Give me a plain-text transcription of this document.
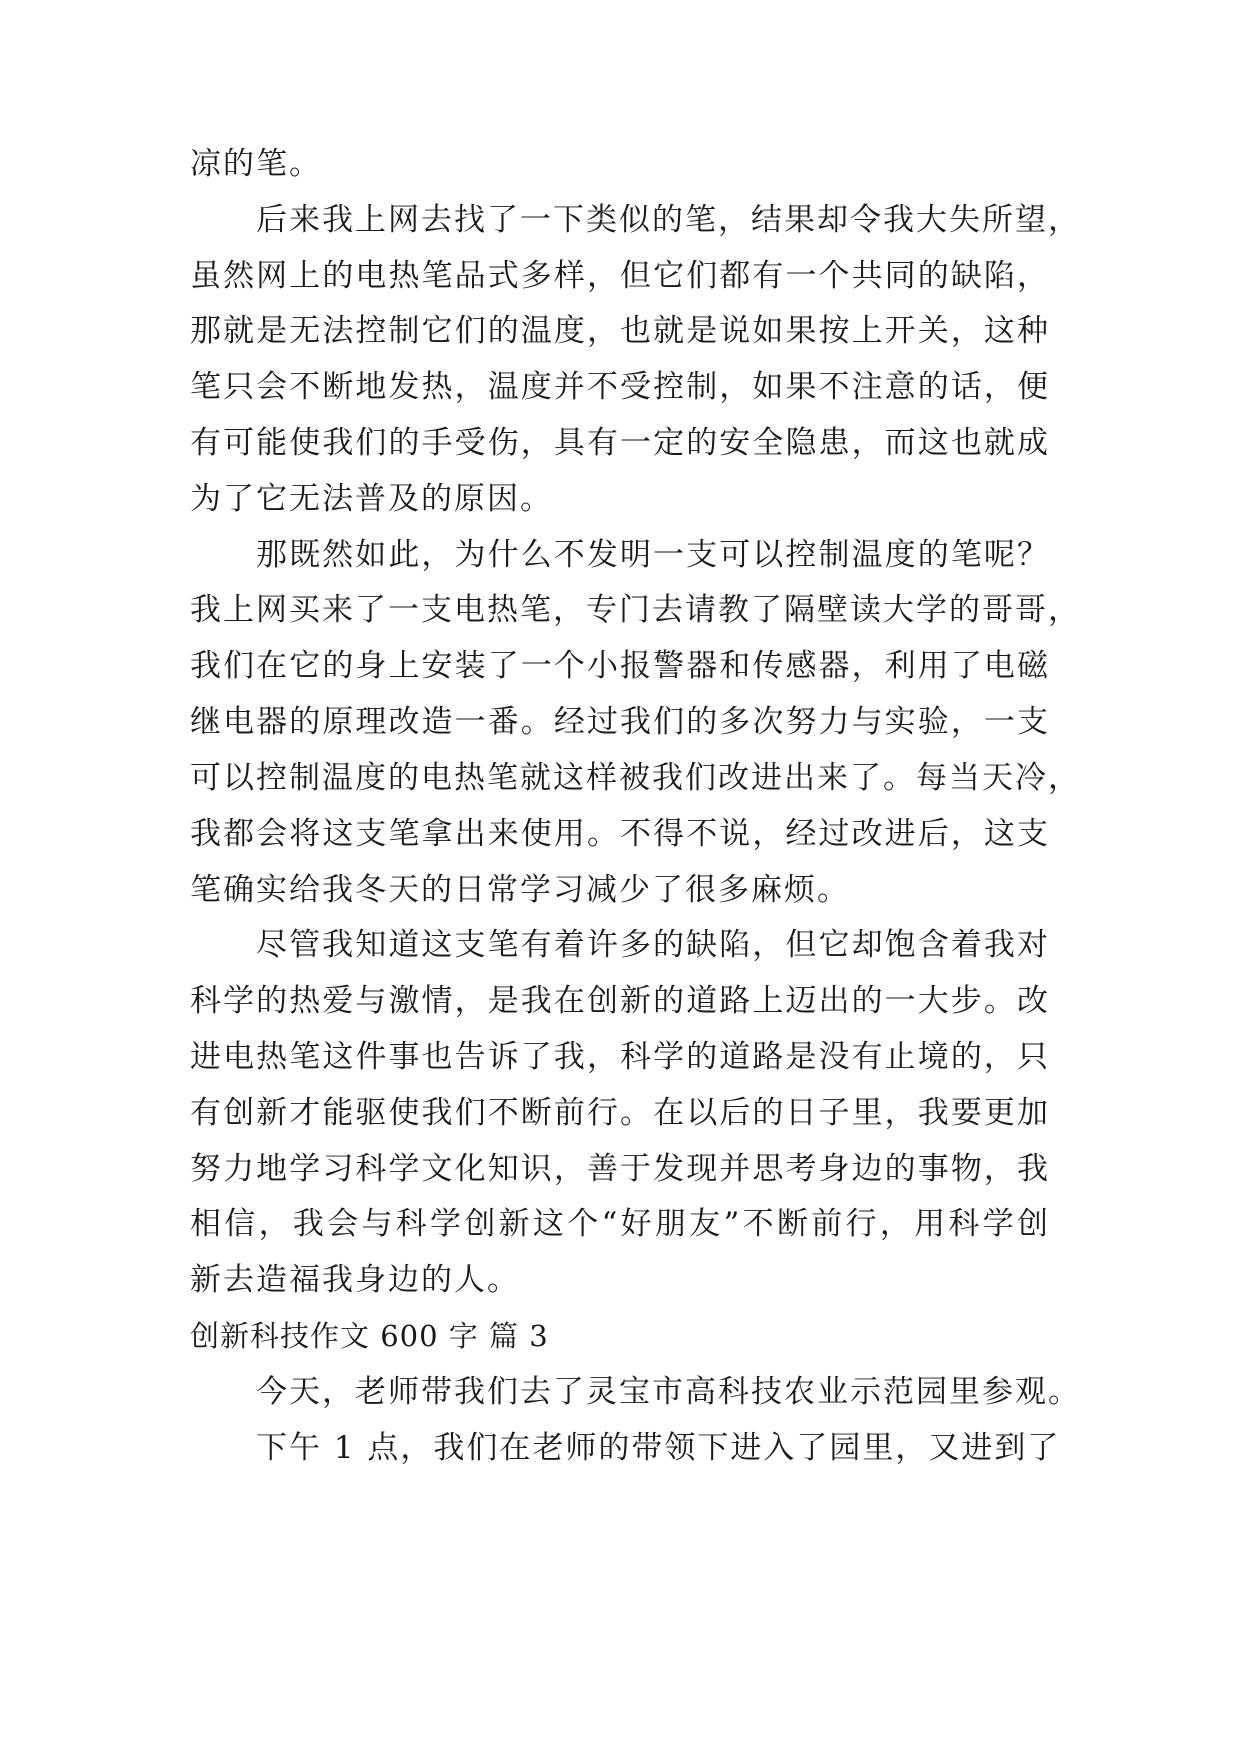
凉的笔。
后来我上网去找了一下类似的笔，结果却令我大失所望，
虽然网上的电热笔品式多样，但它们都有一个共同的缺陷，
那就是无法控制它们的温度，也就是说如果按上开关，这种
笔只会不断地发热，温度并不受控制，如果不注意的话，便
有可能使我们的手受伤，具有一定的安全隐患，而这也就成
为了它无法普及的原因。
那既然如此，为什么不发明一支可以控制温度的笔呢？
我上网买来了一支电热笔，专门去请教了隔壁读大学的哥哥，
我们在它的身上安装了一个小报警器和传感器，利用了电磁
继电器的原理改造一番。经过我们的多次努力与实验，一支
可以控制温度的电热笔就这样被我们改进出来了。每当天冷，
我都会将这支笔拿出来使用。不得不说，经过改进后，这支
笔确实给我冬天的日常学习减少了很多麻烦。
尽管我知道这支笔有着许多的缺陷，但它却饱含着我对
科学的热爱与激情，是我在创新的道路上迈出的一大步。改
进电热笔这件事也告诉了我，科学的道路是没有止境的，只
有创新才能驱使我们不断前行。在以后的日子里，我要更加
努力地学习科学文化知识，善于发现并思考身边的事物，我
相信，我会与科学创新这个“好朋友”不断前行，用科学创
新去造福我身边的人。
创新科技作文 600 字 篇 3
今天，老师带我们去了灵宝市高科技农业示范园里参观。
下午 1 点，我们在老师的带领下进入了园里，又进到了
